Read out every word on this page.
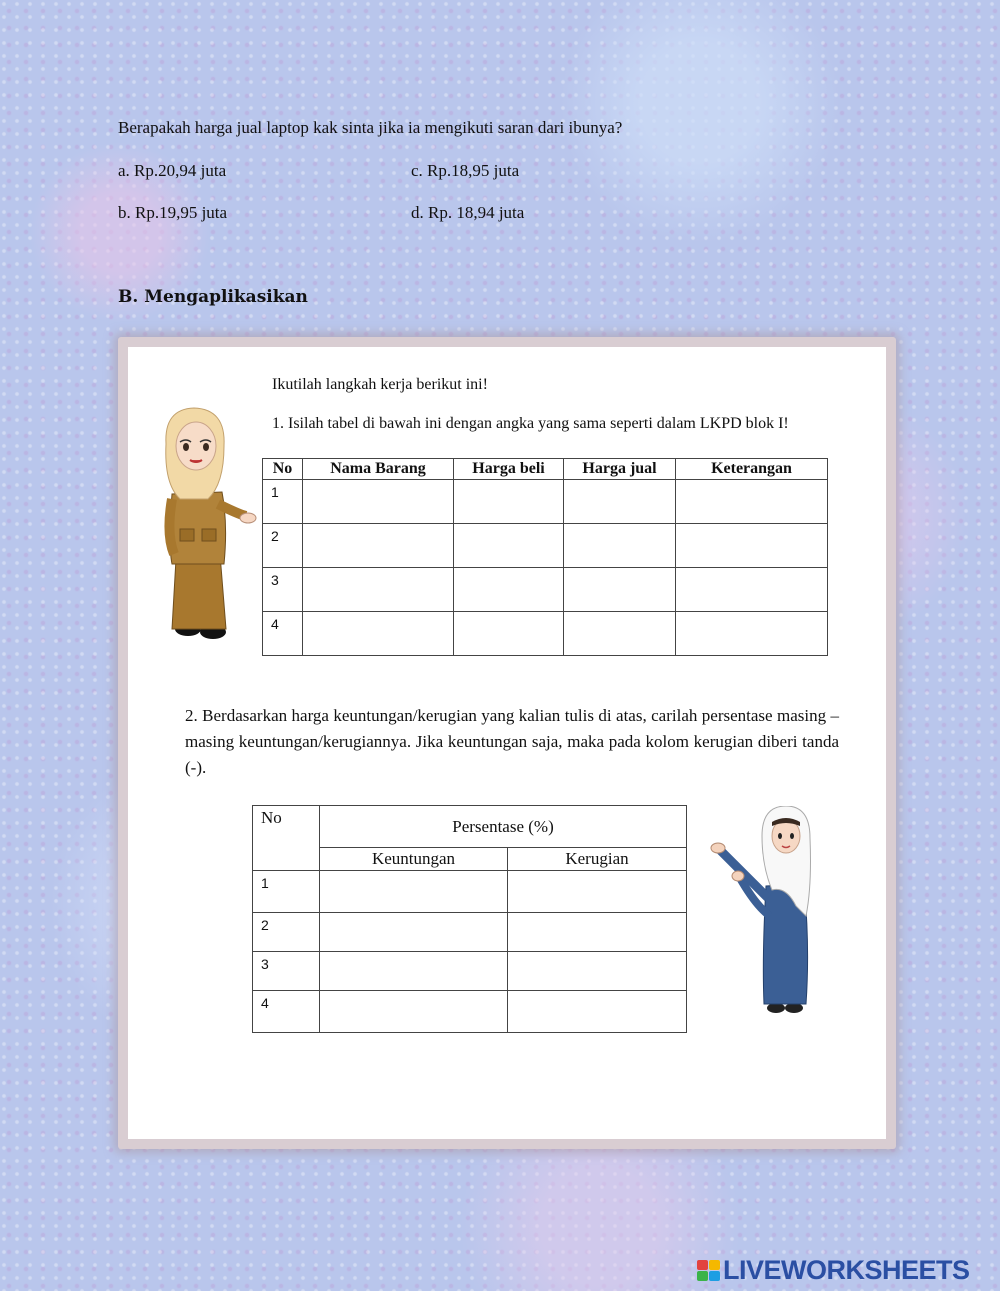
Berapakah harga jual laptop kak sinta jika ia mengikuti saran dari ibunya?
a. Rp.20,94 juta
b. Rp.19,95 juta
c. Rp.18,95 juta
d. Rp. 18,94 juta
B. Mengaplikasikan
Ikutilah langkah kerja berikut ini!
1. Isilah tabel di bawah ini dengan angka yang sama seperti dalam LKPD blok I!
No	Nama Barang	Harga beli	Harga jual	Keterangan

1				

2				

3				

4				

2. Berdasarkan harga keuntungan/kerugian yang kalian tulis di atas, carilah persentase masing – masing keuntungan/kerugiannya. Jika keuntungan saja, maka pada kolom kerugian diberi tanda (-).
No	Persentase (%)	
	Keuntungan	Kerugian

1		

2		

3		

4		

LIVEWORKSHEETS
